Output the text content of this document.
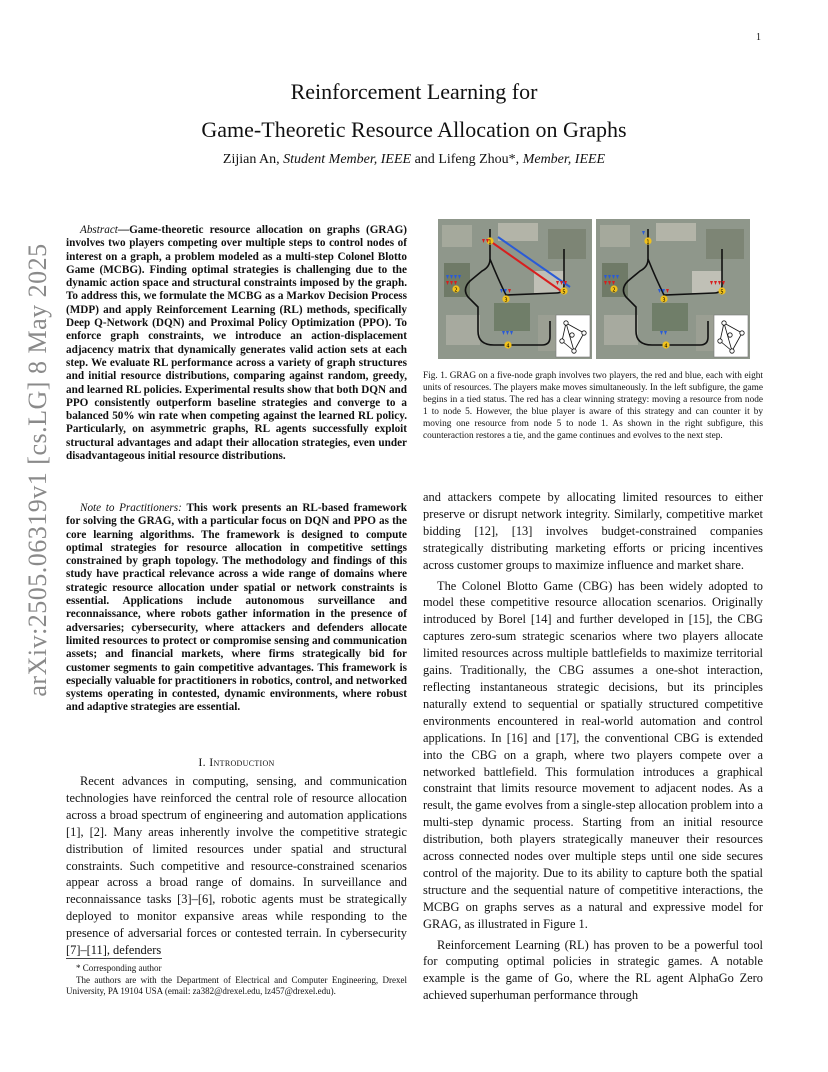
1
Reinforcement Learning for
Game-Theoretic Resource Allocation on Graphs
Zijian An, Student Member, IEEE and Lifeng Zhou*, Member, IEEE
arXiv:2505.06319v1 [cs.LG] 8 May 2025

Abstract—Game-theoretic resource allocation on graphs (GRAG) involves two players competing over multiple steps to control nodes of interest on a graph, a problem modeled as a multi-step Colonel Blotto Game (MCBG). Finding optimal strategies is challenging due to the dynamic action space and structural constraints imposed by the graph. To address this, we formulate the MCBG as a Markov Decision Process (MDP) and apply Reinforcement Learning (RL) methods, specifically Deep Q-Network (DQN) and Proximal Policy Optimization (PPO). To enforce graph constraints, we introduce an action-displacement adjacency matrix that dynamically generates valid action sets at each step. We evaluate RL performance across a variety of graph structures and initial resource distributions, comparing against random, greedy, and learned RL policies. Experimental results show that both DQN and PPO consistently outperform baseline strategies and converge to a balanced 50% win rate when competing against the learned RL policy. Particularly, on asymmetric graphs, RL agents successfully exploit structural advantages and adapt their allocation strategies, even under disadvantageous initial resource distributions.

Note to Practitioners: This work presents an RL-based framework for solving the GRAG, with a particular focus on DQN and PPO as the core learning algorithms. The framework is designed to compute optimal strategies for resource allocation in competitive settings constrained by graph topology. The methodology and findings of this study have practical relevance across a wide range of domains where strategic resource allocation under spatial or network constraints is essential. Applications include autonomous surveillance and reconnaissance, where robots gather information in the presence of adversaries; cybersecurity, where attackers and defenders allocate limited resources to protect or compromise sensing and communication assets; and financial markets, where firms strategically bid for customer segments to gain competitive advantages. This framework is especially valuable for practitioners in robotics, control, and networked systems operating in contested, dynamic environments, where robust and adaptive strategies are essential.

I. Introduction

Recent advances in computing, sensing, and communication technologies have reinforced the central role of resource allocation across a broad spectrum of engineering and automation applications [1], [2]. Many areas inherently involve the competitive strategic distribution of limited resources under spatial and structural constraints. Such competitive and resource-constrained scenarios appear across a broad range of domains. In surveillance and reconnaissance tasks [3]–[6], robotic agents must be strategically deployed to monitor expansive areas while responding to the presence of adversarial forces or contested terrain. In cybersecurity [7]–[11], defenders

* Corresponding author

The authors are with the Department of Electrical and Computer Engineering, Drexel University, PA 19104 USA (email: za382@drexel.edu, lz457@drexel.edu).

1
2
3
4
5
1
2
3
4
5
Fig. 1. GRAG on a five-node graph involves two players, the red and blue, each with eight units of resources. The players make moves simultaneously. In the left subfigure, the game begins in a tied status. The red has a clear winning strategy: moving a resource from node 1 to node 5. However, the blue player is aware of this strategy and can counter it by moving one resource from node 5 to node 1. As shown in the right subfigure, this counteraction restores a tie, and the game continues and evolves to the next step.

and attackers compete by allocating limited resources to either preserve or disrupt network integrity. Similarly, competitive market bidding [12], [13] involves budget-constrained companies strategically distributing marketing efforts or pricing incentives across customer groups to maximize influence and market share.

The Colonel Blotto Game (CBG) has been widely adopted to model these competitive resource allocation scenarios. Originally introduced by Borel [14] and further developed in [15], the CBG captures zero-sum strategic scenarios where two players allocate limited resources across multiple battlefields to maximize territorial gains. Traditionally, the CBG assumes a one-shot interaction, reflecting instantaneous strategic decisions, but its principles naturally extend to sequential or spatially structured competitive environments encountered in real-world automation and control applications. In [16] and [17], the conventional CBG is extended into the CBG on a graph, where two players compete over a networked battlefield. This formulation introduces a graphical constraint that limits resource movement to adjacent nodes. As a result, the game evolves from a single-step allocation problem into a multi-step dynamic process. Starting from an initial resource distribution, both players strategically maneuver their resources across connected nodes over multiple steps until one side secures control of the majority. Due to its ability to capture both the spatial structure and the sequential nature of competitive interactions, the MCBG on graphs serves as a natural and expressive model for GRAG, as illustrated in Figure 1.

Reinforcement Learning (RL) has proven to be a powerful tool for computing optimal policies in strategic games. A notable example is the game of Go, where the RL agent AlphaGo Zero achieved superhuman performance through
